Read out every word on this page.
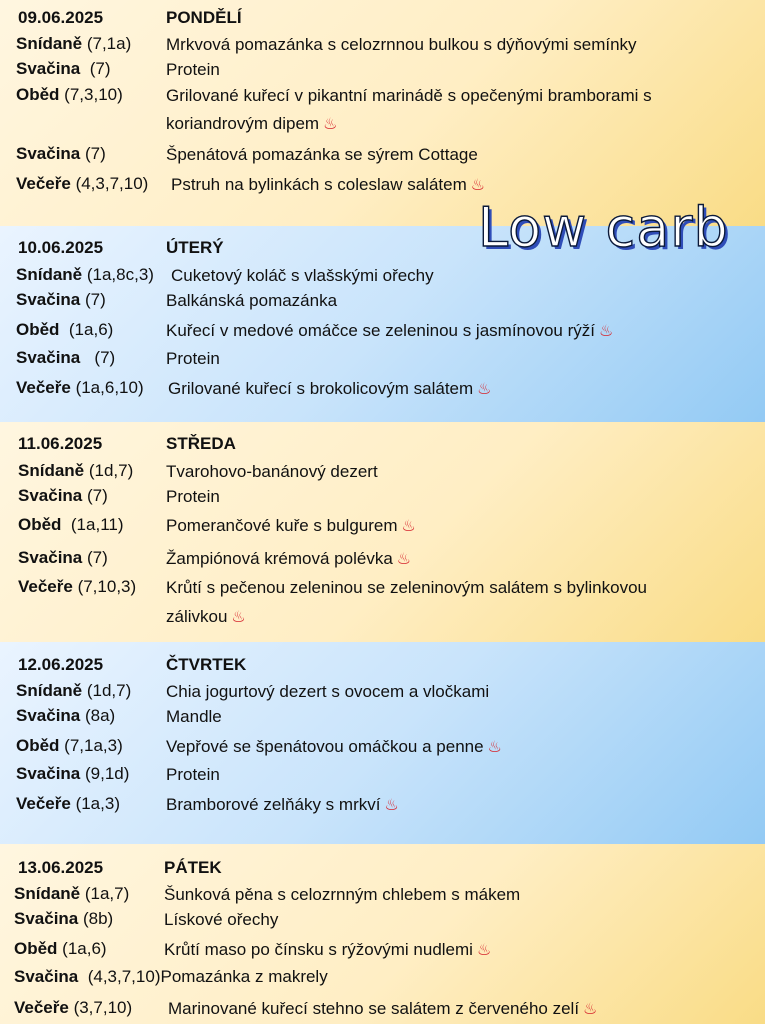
09.06.2025	PONDĚLÍ
Snídaně (7,1a) Mrkvová pomazánka s celozrnnou bulkou s dýňovými semínky
Svačina  (7)	Protein
Oběd (7,3,10)	Grilované kuřecí v pikantní marinádě s opečenými bramborami s
koriandrovým dipem ♨
Svačina (7)	Špenátová pomazánka se sýrem Cottage
Večeře (4,3,7,10) Pstruh na bylinkách s coleslaw salátem ♨
10.06.2025	ÚTERÝ
Snídaně (1a,8c,3) Cuketový koláč s vlašskými ořechy
Svačina (7)	Balkánská pomazánka
Oběd  (1a,6)	Kuřecí v medové omáčce se zeleninou s jasmínovou rýží ♨
Svačina   (7)	Protein
Večeře (1a,6,10) Grilované kuřecí s brokolicovým salátem ♨
11.06.2025	STŘEDA
Snídaně (1d,7) Tvarohovo-banánový dezert
Svačina (7)	Protein
Oběd  (1a,11) Pomerančové kuře s bulgurem ♨
Svačina (7)	Žampiónová krémová polévka ♨
Večeře (7,10,3) Krůtí s pečenou zeleninou se zeleninovým salátem s bylinkovou
zálivkou ♨
12.06.2025	ČTVRTEK
Snídaně (1d,7) Chia jogurtový dezert s ovocem a vločkami
Svačina (8a)	Mandle
Oběd (7,1a,3)	Vepřové se špenátovou omáčkou a penne ♨
Svačina (9,1d) Protein
Večeře (1a,3)	Bramborové zelňáky s mrkví ♨
13.06.2025	PÁTEK
Snídaně (1a,7) Šunková pěna s celozrnným chlebem s mákem
Svačina (8b)	Lískové ořechy
Oběd (1a,6)	Krůtí maso po čínsku s rýžovými nudlemi ♨
Svačina  (4,3,7,10)Pomazánka z makrely
Večeře (3,7,10) Marinované kuřecí stehno se salátem z červeného zelí ♨
Low carb
